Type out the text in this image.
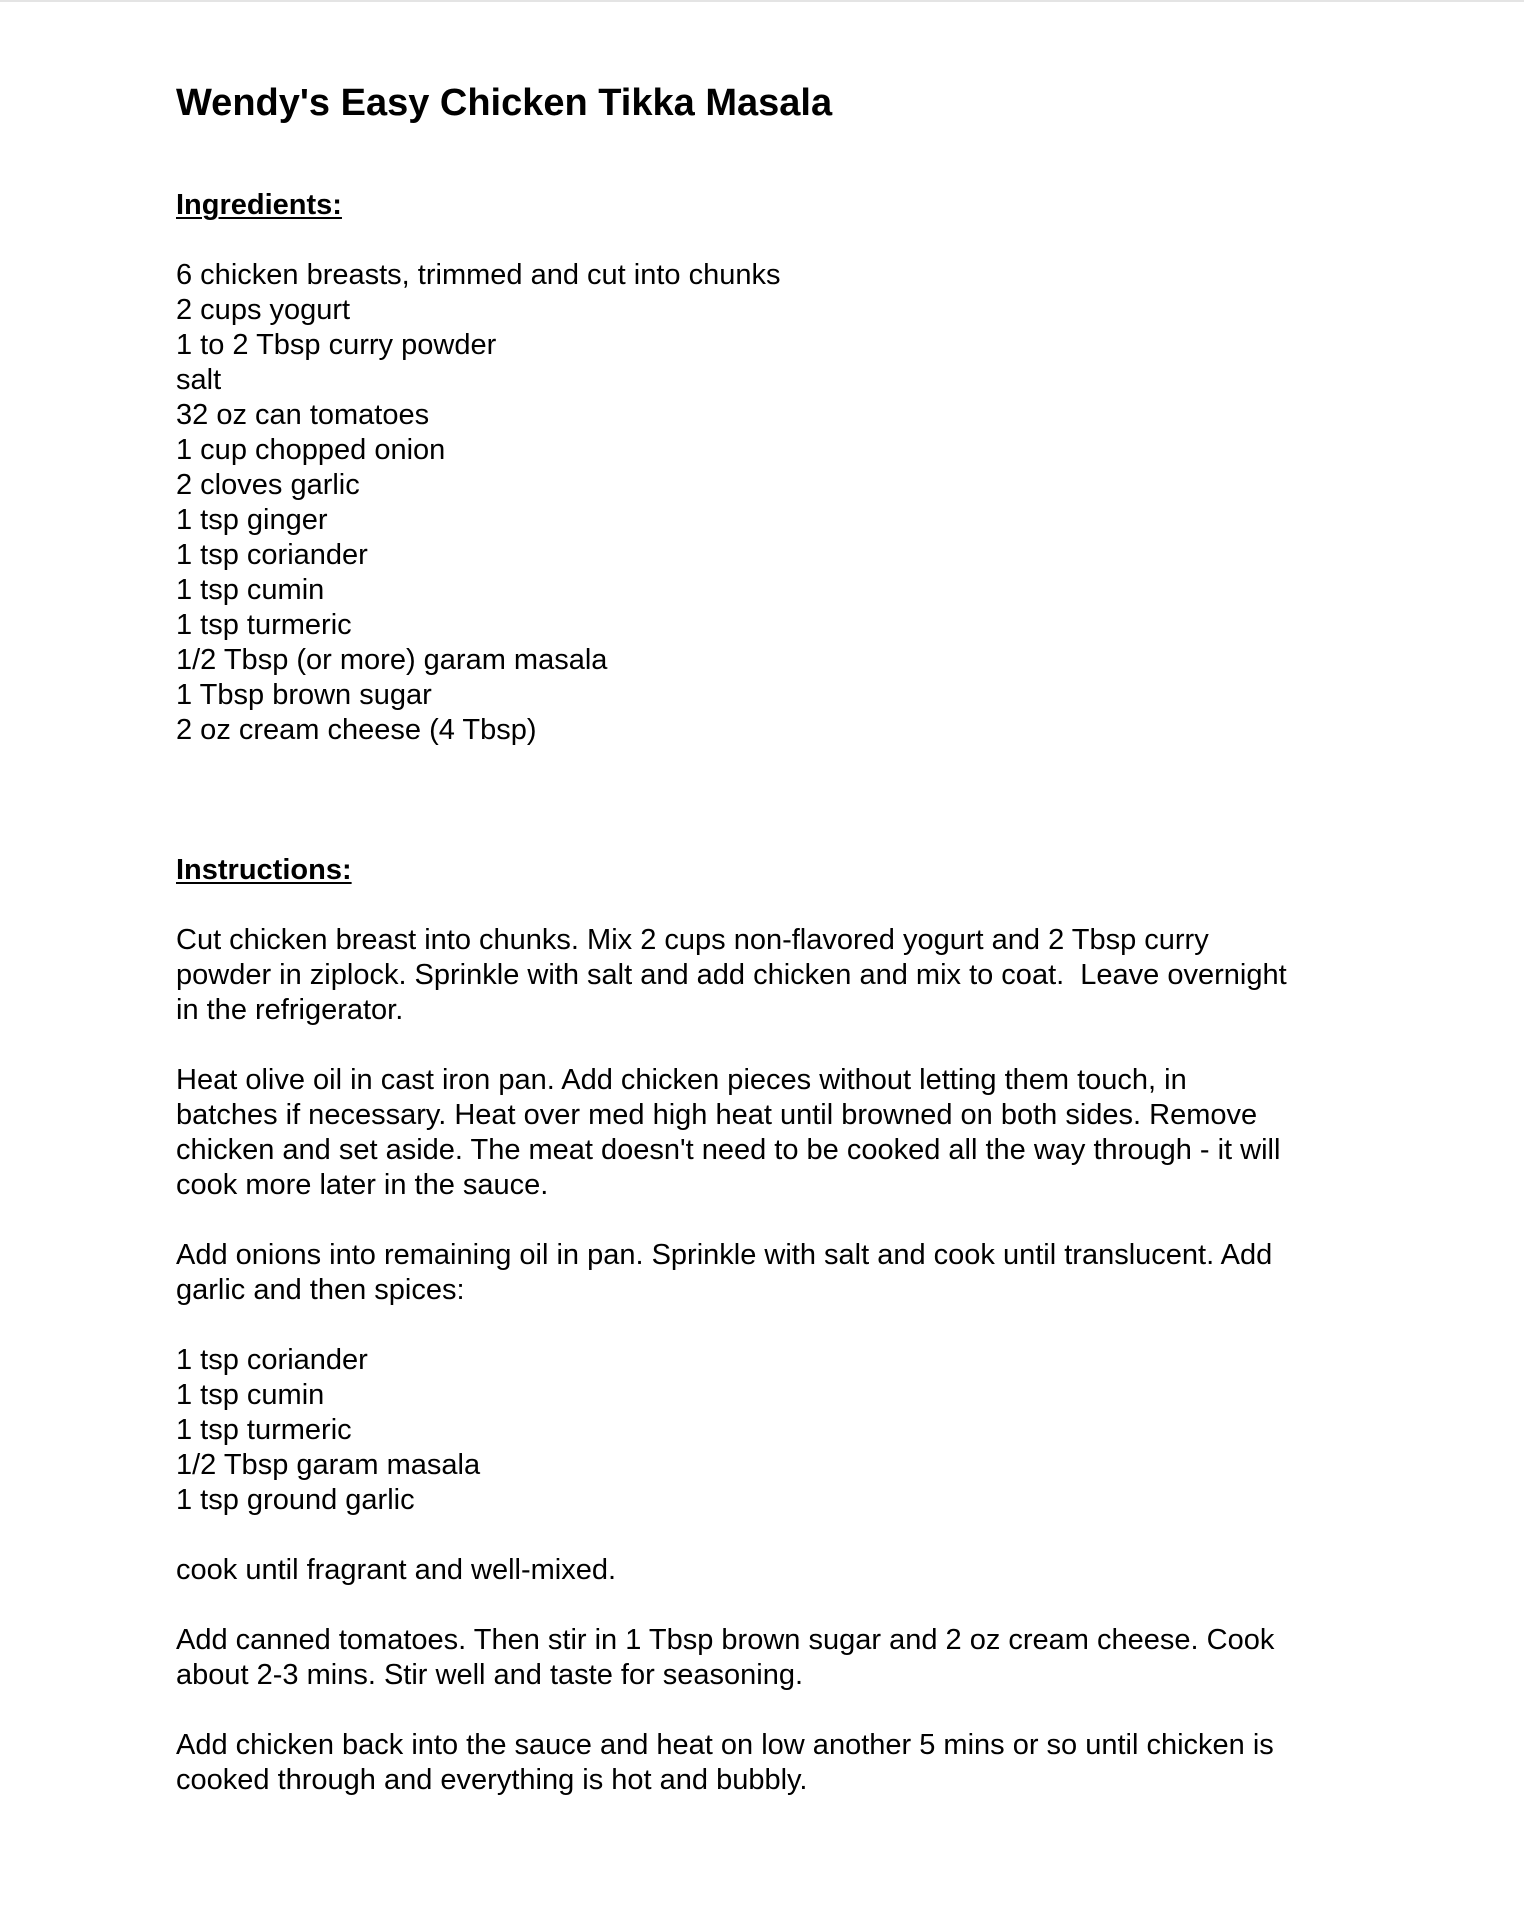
Wendy's Easy Chicken Tikka Masala
Ingredients:
6 chicken breasts, trimmed and cut into chunks
2 cups yogurt
1 to 2 Tbsp curry powder
salt
32 oz can tomatoes
1 cup chopped onion
2 cloves garlic
1 tsp ginger
1 tsp coriander
1 tsp cumin
1 tsp turmeric
1/2 Tbsp (or more) garam masala
1 Tbsp brown sugar
2 oz cream cheese (4 Tbsp)
Instructions:

Cut chicken breast into chunks. Mix 2 cups non-flavored yogurt and 2 Tbsp curry
powder in ziplock. Sprinkle with salt and add chicken and mix to coat.  Leave overnight
in the refrigerator.

Heat olive oil in cast iron pan. Add chicken pieces without letting them touch, in
batches if necessary. Heat over med high heat until browned on both sides. Remove
chicken and set aside. The meat doesn't need to be cooked all the way through - it will
cook more later in the sauce.

Add onions into remaining oil in pan. Sprinkle with salt and cook until translucent. Add
garlic and then spices:

1 tsp coriander
1 tsp cumin
1 tsp turmeric
1/2 Tbsp garam masala
1 tsp ground garlic

cook until fragrant and well-mixed.

Add canned tomatoes. Then stir in 1 Tbsp brown sugar and 2 oz cream cheese. Cook
about 2-3 mins. Stir well and taste for seasoning.

Add chicken back into the sauce and heat on low another 5 mins or so until chicken is
cooked through and everything is hot and bubbly.
